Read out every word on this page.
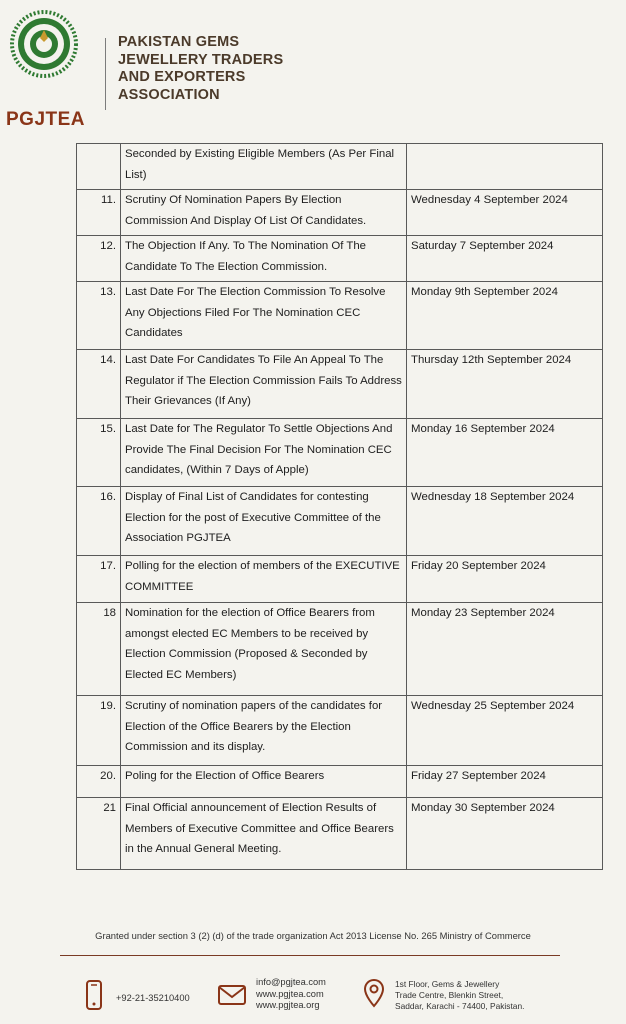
PGJTEA
PAKISTAN GEMS
JEWELLERY TRADERS
AND EXPORTERS
ASSOCIATION
	Seconded by Existing Eligible Members (As Per Final List)	
11.	Scrutiny Of Nomination Papers By Election Commission And Display Of List Of Candidates.	Wednesday 4 September 2024
12.	The Objection If Any. To The Nomination Of The Candidate To The Election Commission.	Saturday 7 September 2024
13.	Last Date For The Election Commission To Resolve Any Objections Filed For The Nomination CEC Candidates	Monday 9th September 2024
14.	Last Date For Candidates To File An Appeal To The Regulator if The Election Commission Fails To Address Their Grievances (If Any)	Thursday 12th September 2024
15.	Last Date for The Regulator To Settle Objections And Provide The Final Decision For The Nomination CEC candidates, (Within 7 Days of Apple)	Monday 16 September 2024
16.	Display of Final List of Candidates for contesting Election for the post of Executive Committee of the Association PGJTEA	Wednesday 18 September 2024
17.	Polling for the election of members of the EXECUTIVE COMMITTEE	Friday 20 September 2024
18	Nomination for the election of Office Bearers from amongst elected EC Members to be received by Election Commission (Proposed & Seconded by Elected EC Members)	Monday 23 September 2024
19.	Scrutiny of nomination papers of the candidates for Election of the Office Bearers by the Election Commission and its display.	Wednesday 25 September 2024
20.	Poling for the Election of Office Bearers	Friday 27 September 2024
21	Final Official announcement of Election Results of Members of Executive Committee and Office Bearers in the Annual General Meeting.	Monday 30 September 2024
Granted under section 3 (2) (d) of the trade organization Act 2013 License No. 265 Ministry of Commerce
+92-21-35210400
info@pgjtea.com
www.pgjtea.com
www.pgjtea.org
1st Floor, Gems & Jewellery
Trade Centre, Blenkin Street,
Saddar, Karachi - 74400, Pakistan.
